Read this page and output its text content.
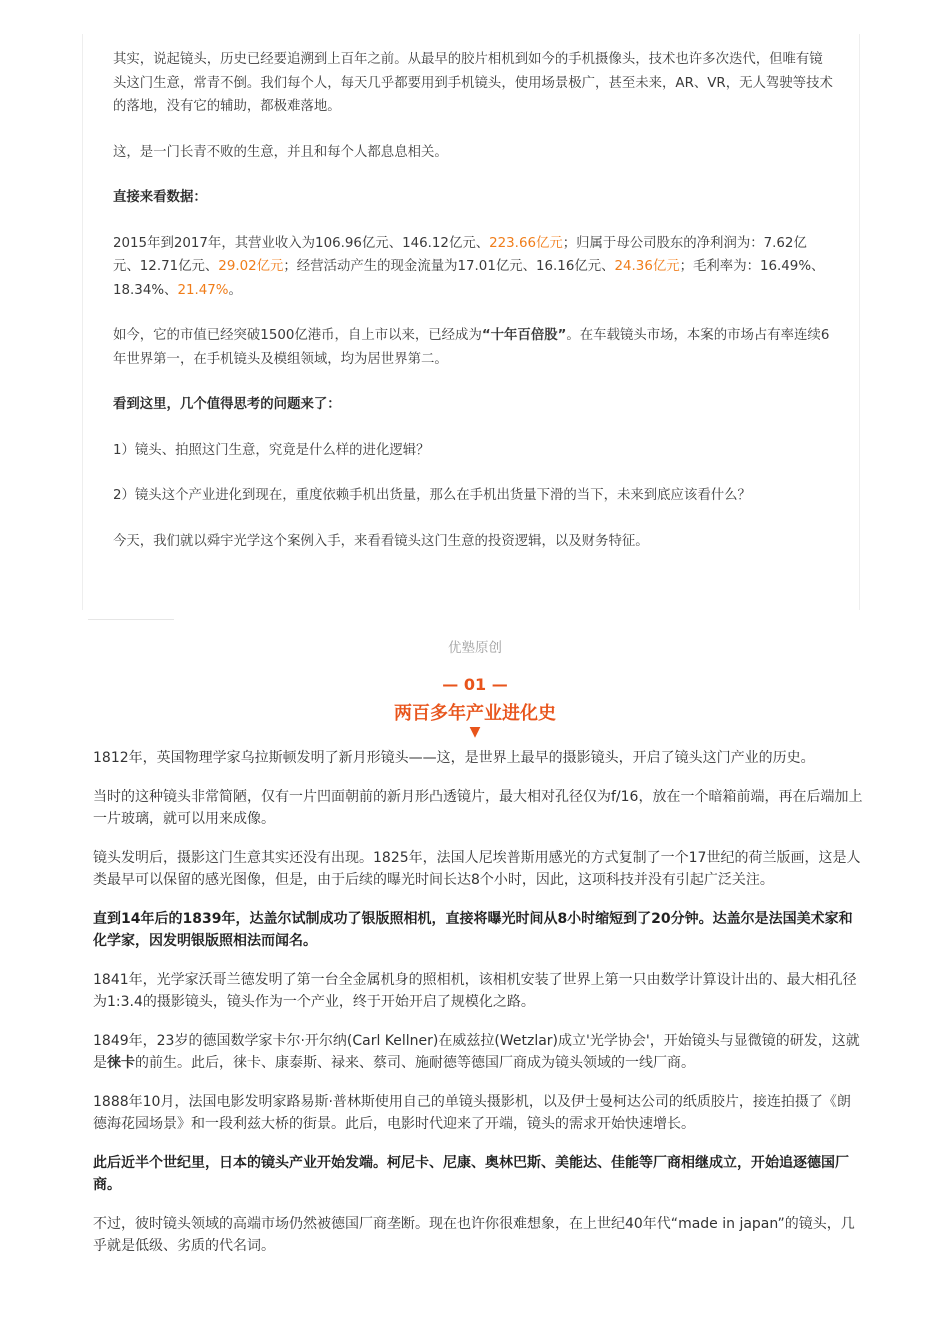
其实，说起镜头，历史已经要追溯到上百年之前。从最早的胶片相机到如今的手机摄像头，技术也许多次迭代，但唯有镜头这门生意，常青不倒。我们每个人，每天几乎都要用到手机镜头，使用场景极广，甚至未来，AR、VR，无人驾驶等技术的落地，没有它的辅助，都极难落地。

这，是一门长青不败的生意，并且和每个人都息息相关。

直接来看数据：

2015年到2017年，其营业收入为106.96亿元、146.12亿元、223.66亿元；归属于母公司股东的净利润为：7.62亿元、12.71亿元、29.02亿元；经营活动产生的现金流量为17.01亿元、16.16亿元、24.36亿元；毛利率为：16.49%、18.34%、21.47%。

如今，它的市值已经突破1500亿港币，自上市以来，已经成为“十年百倍股”。在车载镜头市场，本案的市场占有率连续6年世界第一，在手机镜头及模组领域，均为居世界第二。

看到这里，几个值得思考的问题来了：

1）镜头、拍照这门生意，究竟是什么样的进化逻辑？

2）镜头这个产业进化到现在，重度依赖手机出货量，那么在手机出货量下滑的当下，未来到底应该看什么？

今天，我们就以舜宇光学这个案例入手，来看看镜头这门生意的投资逻辑，以及财务特征。

优塾原创
— 01 —
两百多年产业进化史
▼

1812年，英国物理学家乌拉斯顿发明了新月形镜头——这，是世界上最早的摄影镜头，开启了镜头这门产业的历史。

当时的这种镜头非常简陋，仅有一片凹面朝前的新月形凸透镜片，最大相对孔径仅为f/16，放在一个暗箱前端，再在后端加上一片玻璃，就可以用来成像。

镜头发明后，摄影这门生意其实还没有出现。1825年，法国人尼埃普斯用感光的方式复制了一个17世纪的荷兰版画，这是人类最早可以保留的感光图像，但是，由于后续的曝光时间长达8个小时，因此，这项科技并没有引起广泛关注。

直到14年后的1839年，达盖尔试制成功了银版照相机，直接将曝光时间从8小时缩短到了20分钟。达盖尔是法国美术家和化学家，因发明银版照相法而闻名。

1841年，光学家沃哥兰德发明了第一台全金属机身的照相机，该相机安装了世界上第一只由数学计算设计出的、最大相孔径为1:3.4的摄影镜头，镜头作为一个产业，终于开始开启了规模化之路。

1849年，23岁的德国数学家卡尔·开尔纳(Carl Kellner)在威兹拉(Wetzlar)成立'光学协会'，开始镜头与显微镜的研发，这就是徕卡的前生。此后，徕卡、康泰斯、禄来、蔡司、施耐德等德国厂商成为镜头领域的一线厂商。

1888年10月，法国电影发明家路易斯·普林斯使用自己的单镜头摄影机，以及伊士曼柯达公司的纸质胶片，接连拍摄了《朗德海花园场景》和一段利兹大桥的街景。此后，电影时代迎来了开端，镜头的需求开始快速增长。

此后近半个世纪里，日本的镜头产业开始发端。柯尼卡、尼康、奥林巴斯、美能达、佳能等厂商相继成立，开始追逐德国厂商。

不过，彼时镜头领域的高端市场仍然被德国厂商垄断。现在也许你很难想象，在上世纪40年代“made in japan”的镜头，几乎就是低级、劣质的代名词。
